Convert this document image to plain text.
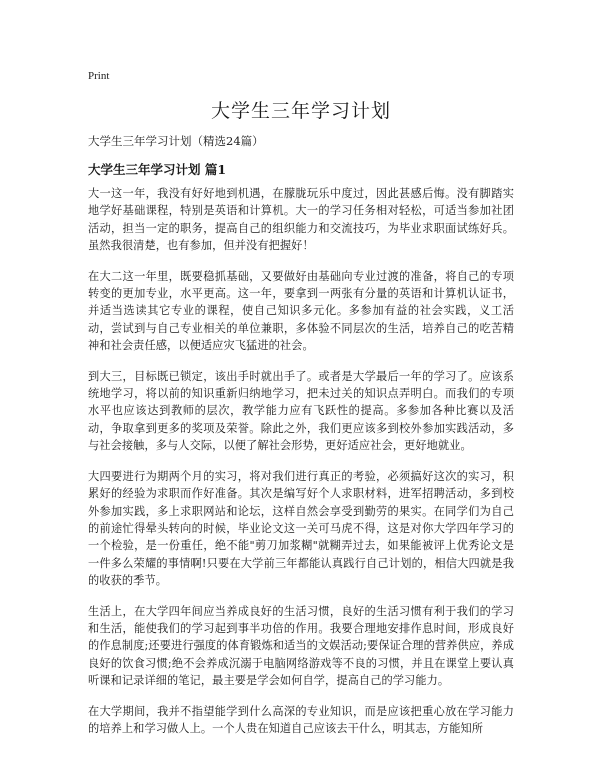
Print
大学生三年学习计划

大学生三年学习计划（精选24篇）

大学生三年学习计划 篇1

大一这一年，我没有好好地到机遇，在朦胧玩乐中度过，因此甚感后悔。没有脚踏实地学好基础课程，特别是英语和计算机。大一的学习任务相对轻松，可适当参加社团活动，担当一定的职务，提高自己的组织能力和交流技巧，为毕业求职面试练好兵。虽然我很清楚，也有参加，但并没有把握好！

在大二这一年里，既要稳抓基础，又要做好由基础向专业过渡的准备，将自己的专项转变的更加专业，水平更高。这一年，要拿到一两张有分量的英语和计算机认证书，并适当选读其它专业的课程，使自己知识多元化。多参加有益的社会实践，义工活动，尝试到与自己专业相关的单位兼职，多体验不同层次的生活，培养自己的吃苦精神和社会责任感，以便适应灾飞猛进的社会。

到大三，目标既已锁定，该出手时就出手了。或者是大学最后一年的学习了。应该系统地学习，将以前的知识重新归纳地学习，把未过关的知识点弄明白。而我们的专项水平也应该达到教师的层次，教学能力应有飞跃性的提高。多参加各种比赛以及活动，争取拿到更多的奖项及荣誉。除此之外，我们更应该多到校外参加实践活动，多与社会接触，多与人交际，以便了解社会形势，更好适应社会，更好地就业。

大四要进行为期两个月的实习，将对我们进行真正的考验，必须搞好这次的实习，积累好的经验为求职而作好准备。其次是编写好个人求职材料，进军招聘活动，多到校外参加实践，多上求职网站和论坛，这样自然会享受到勤劳的果实。在同学们为自己的前途忙得晕头转向的时候，毕业论文这一关可马虎不得，这是对你大学四年学习的一个检验，是一份重任，绝不能"剪刀加浆糊"就糊弄过去，如果能被评上优秀论文是一件多么荣耀的事情啊!只要在大学前三年都能认真践行自己计划的，相信大四就是我的收获的季节。

生活上，在大学四年间应当养成良好的生活习惯，良好的生活习惯有利于我们的学习和生活，能使我们的学习起到事半功倍的作用。我要合理地安排作息时间，形成良好的作息制度;还要进行强度的体育锻炼和适当的文娱活动;要保证合理的营养供应，养成良好的饮食习惯;绝不会养成沉溺于电脑网络游戏等不良的习惯，并且在课堂上要认真听课和记录详细的笔记，最主要是学会如何自学，提高自己的学习能力。

在大学期间，我并不指望能学到什么高深的专业知识，而是应该把重心放在学习能力的培养上和学习做人上。一个人贵在知道自己应该去干什么，明其志，方能知所
